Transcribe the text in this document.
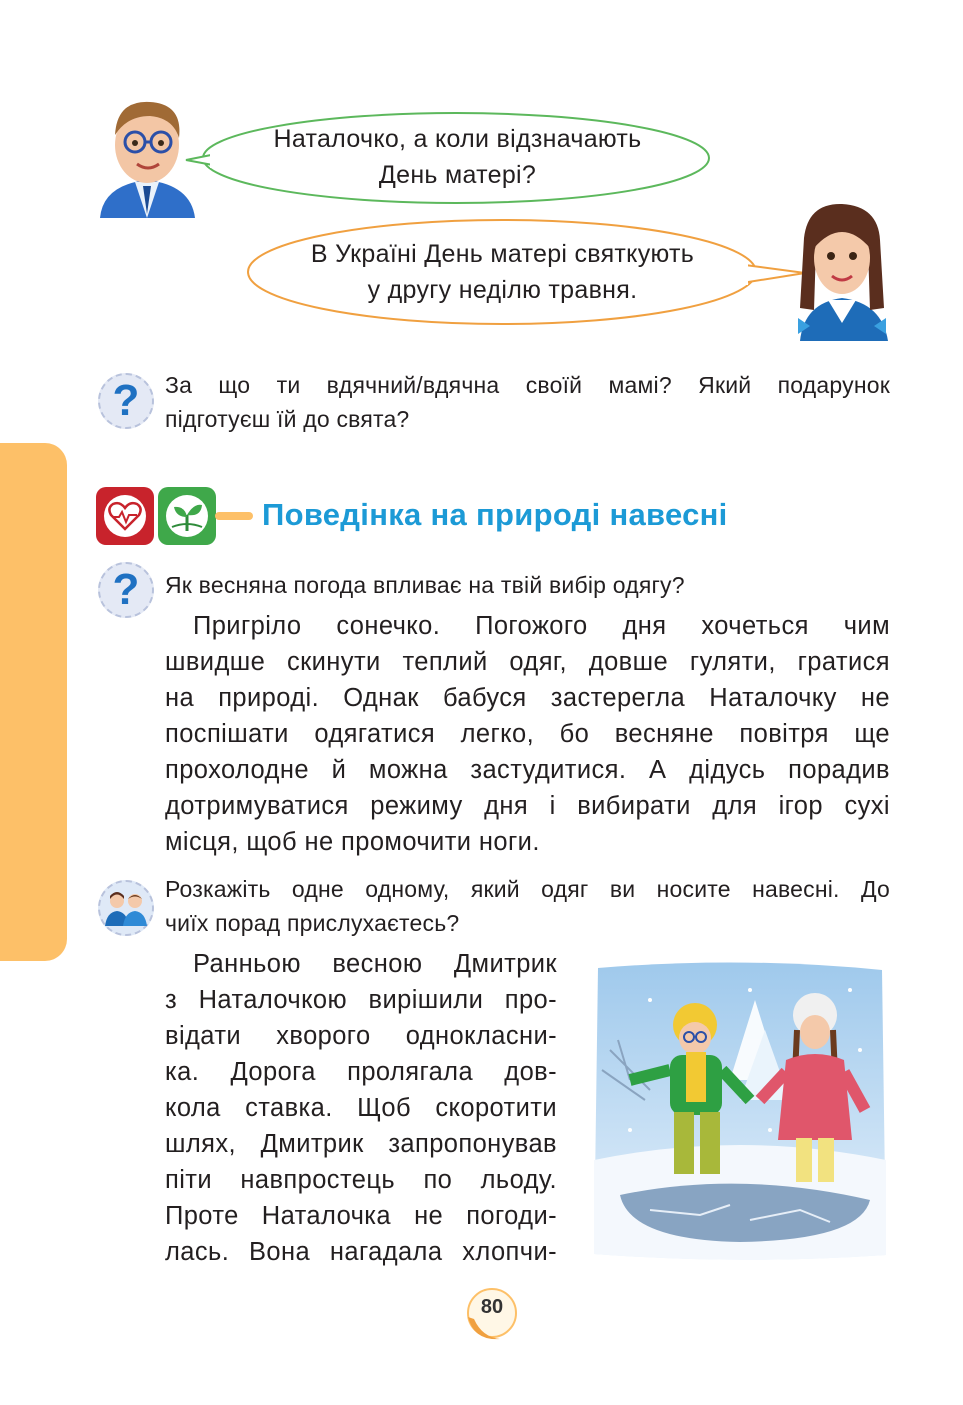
Наталочко, а коли відзначають
День матері?
В Україні День матері святкують
у другу неділю травня.
? За що ти вдячний/вдячна своїй мамі? Який подарунок
підготуєш їй до свята?
Поведінка на природі навесні
? Як весняна погода впливає на твій вибір одягу?
Пригріло сонечко. Погожого дня хочеться чим
швидше скинути теплий одяг, довше гуляти, гратися
на природі. Однак бабуся застерегла Наталочку не
поспішати одягатися легко, бо весняне повітря ще
прохолодне й можна застудитися. А дідусь порадив
дотримуватися режиму дня і вибирати для ігор сухі
місця, щоб не промочити ноги.
Розкажіть одне одному, який одяг ви носите навесні. До
чиїх порад прислухаєтесь?
Ранньою весною Дмитрик
з Наталочкою вирішили про-
відати хворого однокласни-
ка. Дорога пролягала дов-
кола ставка. Щоб скоротити
шлях, Дмитрик запропонував
піти навпростець по льоду.
Проте Наталочка не погоди-
лась. Вона нагадала хлопчи-
80
